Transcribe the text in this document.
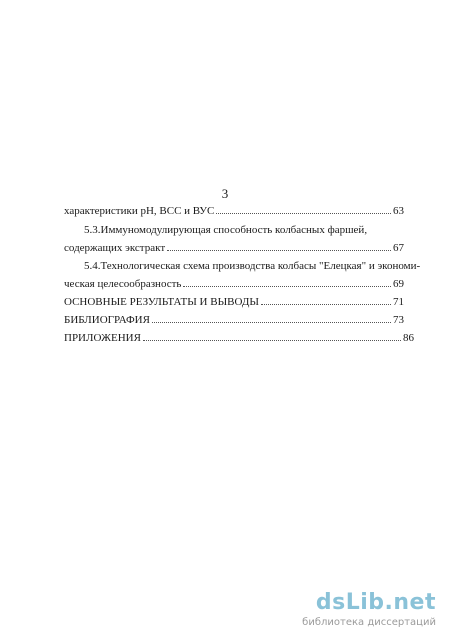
3
характеристики pH, ВСС и ВУС	63
5.3.Иммуномодулирующая способность колбасных фаршей,
содержащих экстракт	67
5.4.Технологическая схема производства колбасы "Елецкая" и экономи-
ческая целесообразность	69
ОСНОВНЫЕ РЕЗУЛЬТАТЫ И ВЫВОДЫ	71
БИБЛИОГРАФИЯ	73
ПРИЛОЖЕНИЯ	86
dsLib.net
библиотека диссертаций
